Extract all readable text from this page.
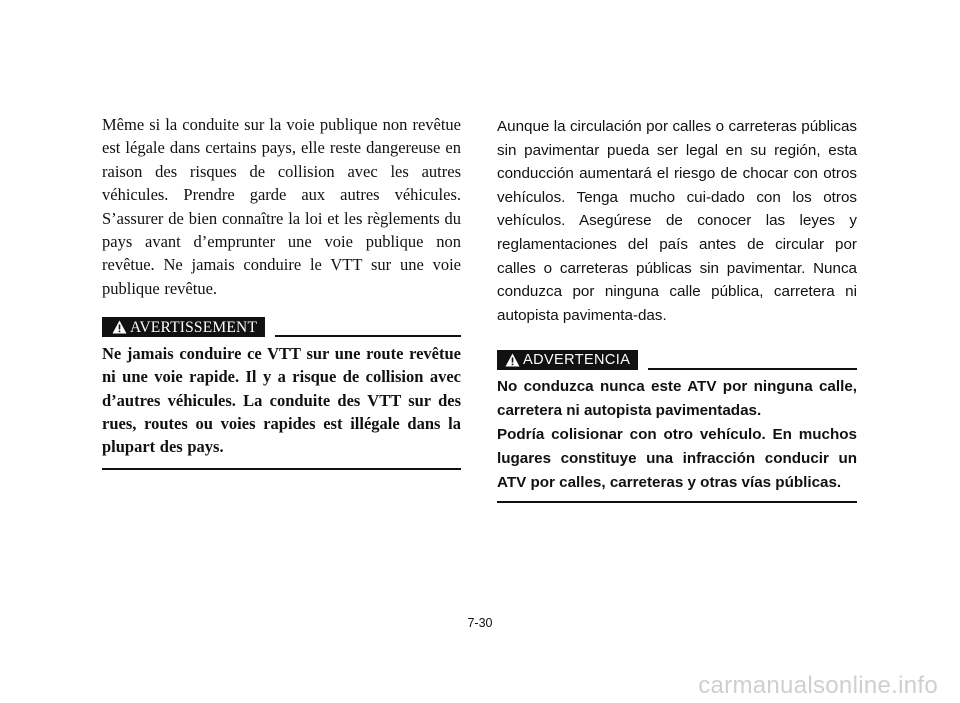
Même si la conduite sur la voie publique non revêtue est légale dans certains pays, elle reste dangereuse en raison des risques de collision avec les autres véhicules. Prendre garde aux autres véhicules. S’assurer de bien connaître la loi et les règlements du pays avant d’emprunter une voie publique non revêtue. Ne jamais conduire le VTT sur une voie publique revêtue.

AVERTISSEMENT

Ne jamais conduire ce VTT sur une route revêtue ni une voie rapide. Il y a risque de collision avec d’autres véhicules. La conduite des VTT sur des rues, routes ou voies rapides est illégale dans la plupart des pays.

Aunque la circulación por calles o carreteras públicas sin pavimentar pueda ser legal en su región, esta conducción aumentará el riesgo de chocar con otros vehículos. Tenga mucho cui-dado con los otros vehículos. Asegúrese de conocer las leyes y reglamentaciones del país antes de circular por calles o carreteras públicas sin pavimentar. Nunca conduzca por ninguna calle pública, carretera ni autopista pavimenta-das.

ADVERTENCIA

No conduzca nunca este ATV por ninguna calle, carretera ni autopista pavimentadas.

Podría colisionar con otro vehículo. En muchos lugares constituye una infracción conducir un ATV por calles, carreteras y otras vías públicas.

7-30
carmanualsonline.info
